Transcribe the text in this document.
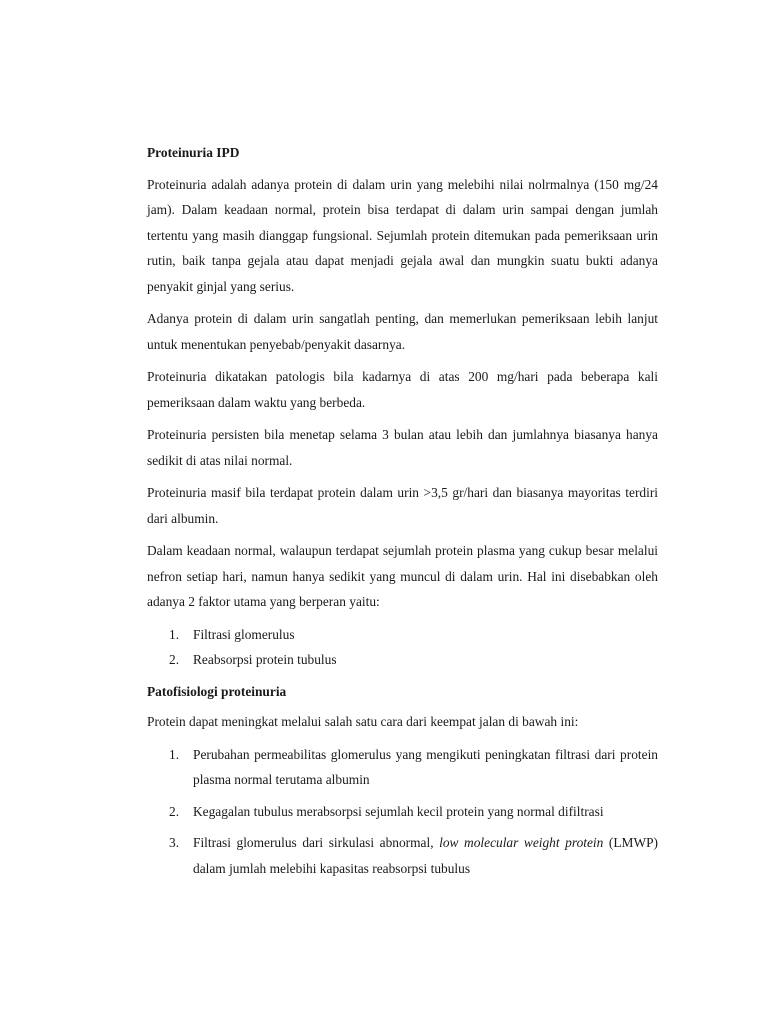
Proteinuria IPD

Proteinuria adalah adanya protein di dalam urin yang melebihi nilai nolrmalnya (150 mg/24 jam). Dalam keadaan normal, protein bisa terdapat di dalam urin sampai dengan jumlah tertentu yang masih dianggap fungsional. Sejumlah protein ditemukan pada pemeriksaan urin rutin, baik tanpa gejala atau dapat menjadi gejala awal dan mungkin suatu bukti adanya penyakit ginjal yang serius.

Adanya protein di dalam urin sangatlah penting, dan memerlukan pemeriksaan lebih lanjut untuk menentukan penyebab/penyakit dasarnya.

Proteinuria dikatakan patologis bila kadarnya di atas 200 mg/hari pada beberapa kali pemeriksaan dalam waktu yang berbeda.

Proteinuria persisten bila menetap selama 3 bulan atau lebih dan jumlahnya biasanya hanya sedikit di atas nilai normal.

Proteinuria masif bila terdapat protein dalam urin >3,5 gr/hari dan biasanya mayoritas terdiri dari albumin.

Dalam keadaan normal, walaupun terdapat sejumlah protein plasma yang cukup besar melalui nefron setiap hari, namun hanya sedikit yang muncul di dalam urin. Hal ini disebabkan oleh adanya 2 faktor utama yang berperan yaitu:

1. Filtrasi glomerulus
2. Reabsorpsi protein tubulus
Patofisiologi proteinuria

Protein dapat meningkat melalui salah satu cara dari keempat jalan di bawah ini:

1. Perubahan permeabilitas glomerulus yang mengikuti peningkatan filtrasi dari protein plasma normal terutama albumin
2. Kegagalan tubulus merabsorpsi sejumlah kecil protein yang normal difiltrasi
3. Filtrasi glomerulus dari sirkulasi abnormal, low molecular weight protein (LMWP) dalam jumlah melebihi kapasitas reabsorpsi tubulus
